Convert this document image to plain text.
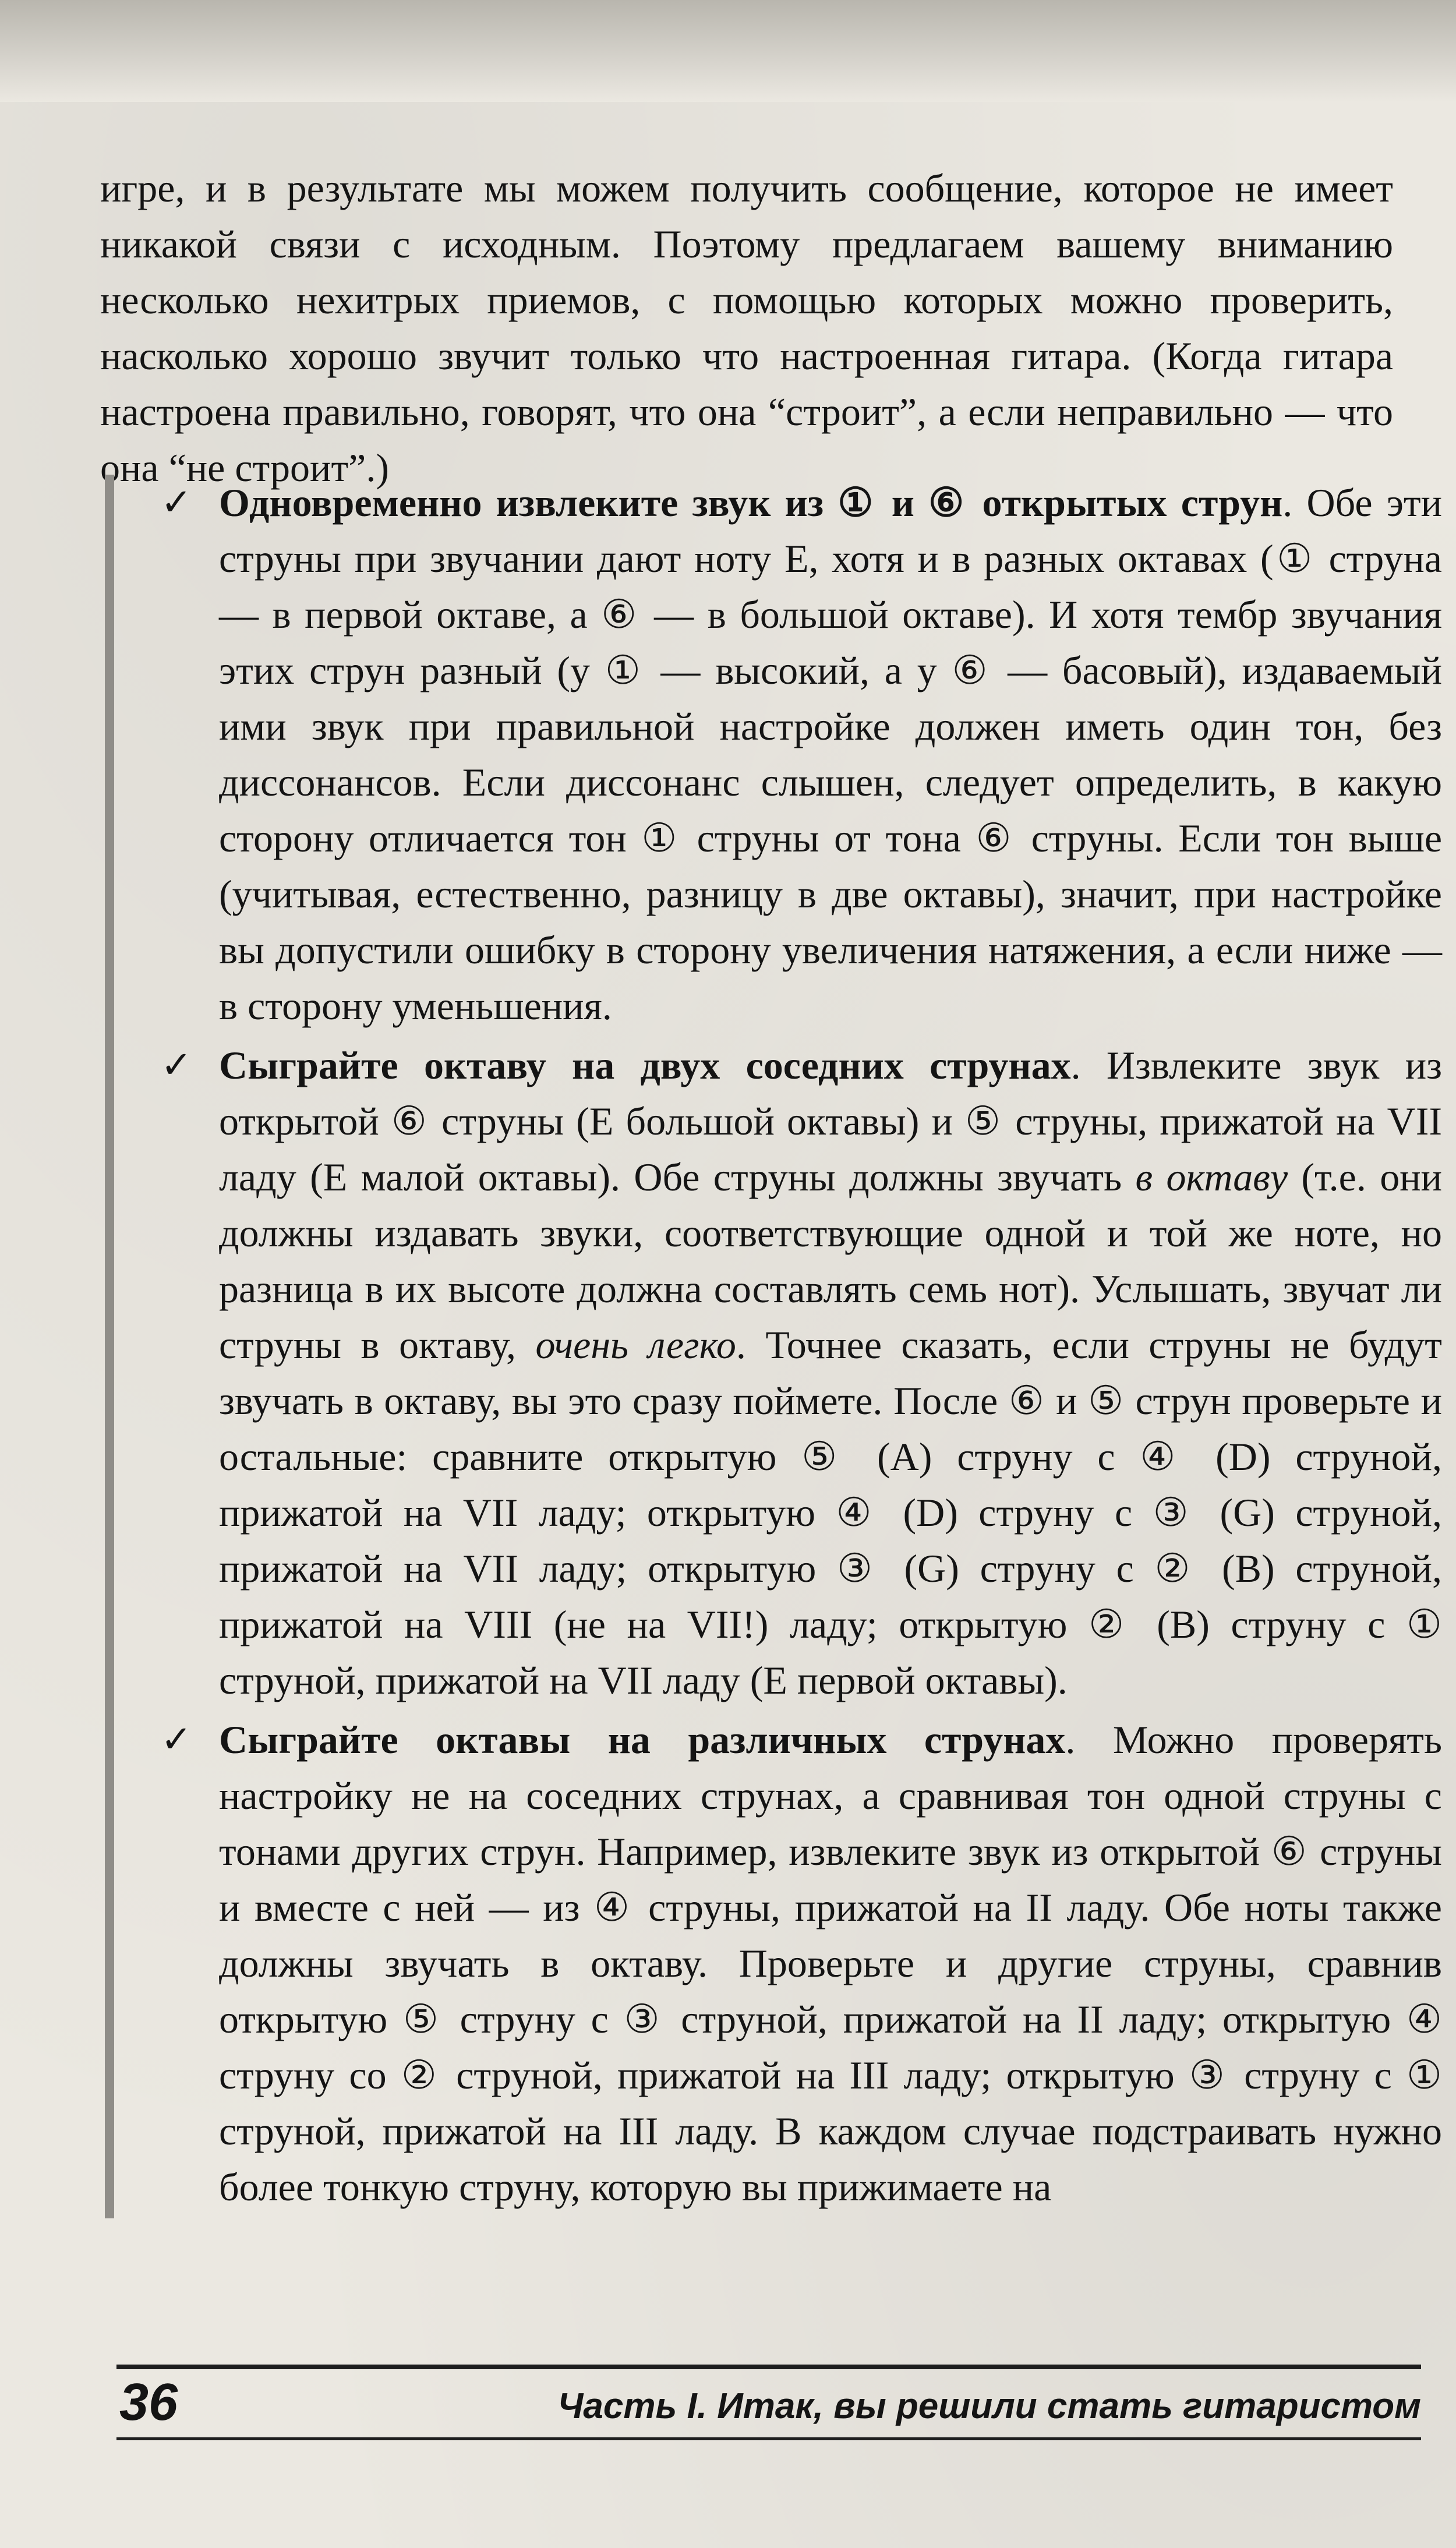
игре, и в результате мы можем получить сообщение, которое не имеет никакой связи с исходным. Поэтому предлагаем вашему вниманию несколько нехитрых приемов, с помощью которых можно проверить, насколько хорошо звучит только что настроенная гитара. (Когда гитара настроена правильно, говорят, что она “строит”, а если неправильно — что она “не строит”.)

✓ Одновременно извлеките звук из ① и ⑥ открытых струн. Обе эти струны при звучании дают ноту Е, хотя и в разных октавах (① струна — в первой октаве, а ⑥ — в большой октаве). И хотя тембр звучания этих струн разный (у ① — высокий, а у ⑥ — басовый), издаваемый ими звук при правильной настройке должен иметь один тон, без диссонансов. Если диссонанс слышен, следует определить, в какую сторону отличается тон ① струны от тона ⑥ струны. Если тон выше (учитывая, естественно, разницу в две октавы), значит, при настройке вы допустили ошибку в сторону увеличения натяжения, а если ниже — в сторону уменьшения.
✓ Сыграйте октаву на двух соседних струнах. Извлеките звук из открытой ⑥ струны (Е большой октавы) и ⑤ струны, прижатой на VII ладу (Е малой октавы). Обе струны должны звучать в октаву (т.е. они должны издавать звуки, соответствующие одной и той же ноте, но разница в их высоте должна составлять семь нот). Услышать, звучат ли струны в октаву, очень легко. Точнее сказать, если струны не будут звучать в октаву, вы это сразу поймете. После ⑥ и ⑤ струн проверьте и остальные: сравните открытую ⑤ (A) струну с ④ (D) струной, прижатой на VII ладу; открытую ④ (D) струну с ③ (G) струной, прижатой на VII ладу; открытую ③ (G) струну с ② (B) струной, прижатой на VIII (не на VII!) ладу; открытую ② (B) струну с ① струной, прижатой на VII ладу (Е первой октавы).
✓ Сыграйте октавы на различных струнах. Можно проверять настройку не на соседних струнах, а сравнивая тон одной струны с тонами других струн. Например, извлеките звук из открытой ⑥ струны и вместе с ней — из ④ струны, прижатой на II ладу. Обе ноты также должны звучать в октаву. Проверьте и другие струны, сравнив открытую ⑤ струну с ③ струной, прижатой на II ладу; открытую ④ струну со ② струной, прижатой на III ладу; открытую ③ струну с ① струной, прижатой на III ладу. В каждом случае подстраивать нужно более тонкую струну, которую вы прижимаете на
36	Часть I. Итак, вы решили стать гитаристом
